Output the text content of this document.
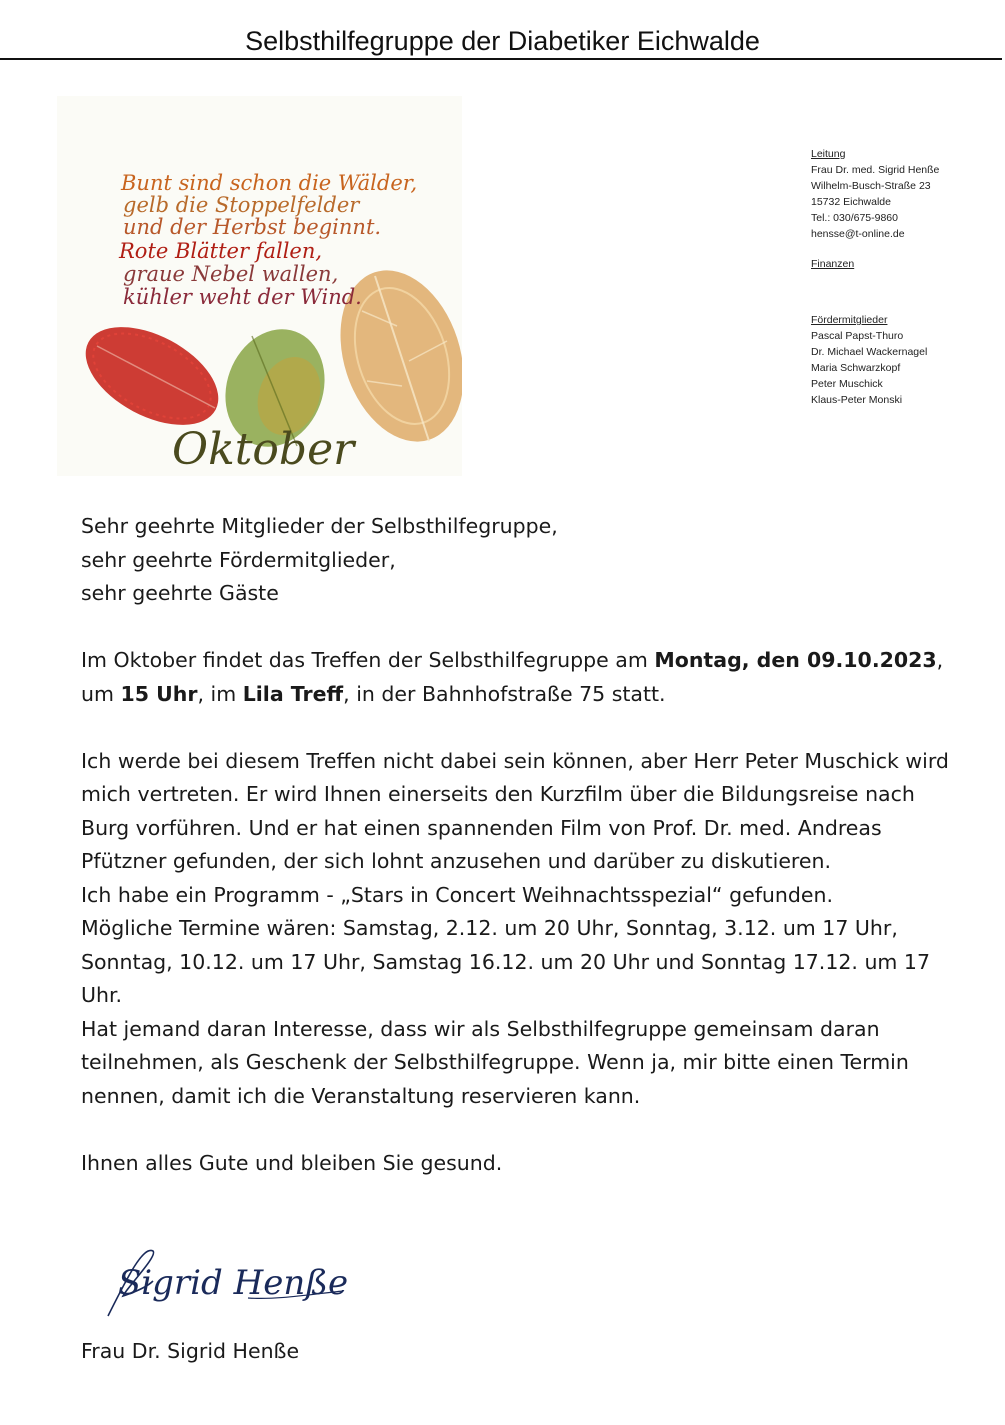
Selbsthilfegruppe der Diabetiker Eichwalde
Bunt sind schon die Wälder,
gelb die Stoppelfelder
und der Herbst beginnt.
Rote Blätter fallen,
graue Nebel wallen,
kühler weht der Wind.
Oktober
Leitung
Frau Dr. med. Sigrid Henße
Wilhelm-Busch-Straße 23
15732 Eichwalde
Tel.: 030/675-9860
hensse@t-online.de
Finanzen
Fördermitglieder
Pascal Papst-Thuro
Dr. Michael Wackernagel
Maria Schwarzkopf
Peter Muschick
Klaus-Peter Monski

Sehr geehrte Mitglieder der Selbsthilfegruppe,

sehr geehrte Fördermitglieder,

sehr geehrte Gäste

Im Oktober findet das Treffen der Selbsthilfegruppe am Montag, den 09.10.2023, um 15 Uhr, im Lila Treff, in der Bahnhofstraße 75 statt.

Ich werde bei diesem Treffen nicht dabei sein können, aber Herr Peter Muschick wird mich vertreten. Er wird Ihnen einerseits den Kurzfilm über die Bildungsreise nach Burg vorführen. Und er hat einen spannenden Film von Prof. Dr. med. Andreas Pfützner gefunden, der sich lohnt anzusehen und darüber zu diskutieren.

Ich habe ein Programm - „Stars in Concert Weihnachtsspezial“ gefunden.

Mögliche Termine wären: Samstag, 2.12. um 20 Uhr, Sonntag, 3.12. um 17 Uhr, Sonntag, 10.12. um 17 Uhr, Samstag 16.12. um 20 Uhr und Sonntag 17.12. um 17 Uhr.

Hat jemand daran Interesse, dass wir als Selbsthilfegruppe gemeinsam daran teilnehmen, als Geschenk der Selbsthilfegruppe. Wenn ja, mir bitte einen Termin nennen, damit ich die Veranstaltung reservieren kann.

Ihnen alles Gute und bleiben Sie gesund.

Sigrid Henße
Frau Dr. Sigrid Henße
